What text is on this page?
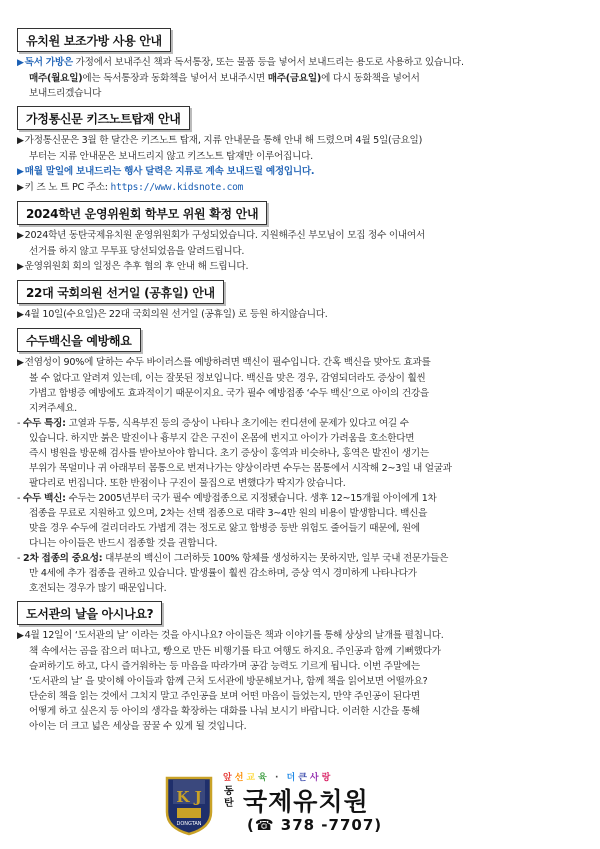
유치원 보조가방 사용 안내

▶독서 가방은 가정에서 보내주신 책과 독서통장, 또는 물품 등을 넣어서 보내드리는 용도로 사용하고 있습니다.

매주(월요일)에는 독서통장과 동화책을 넣어서 보내주시면 매주(금요일)에 다시 동화책을 넣어서

보내드리겠습니다

가정통신문 키즈노트탑재 안내

▶가정통신문은 3월 한 달간은 키즈노트 탑재, 지류 안내문을 통해 안내 해 드렸으며 4월 5일(금요일)

부터는 지류 안내문은 보내드리지 않고 키즈노트 탑재만 이루어집니다.

▶매월 말일에 보내드리는 행사 달력은 지류로 계속 보내드릴 예정입니다.

▶키 즈 노 트 PC 주소: https://www.kidsnote.com

2024학년 운영위원회 학부모 위원 확정 안내

▶2024학년 동탄국제유치원 운영위원회가 구성되었습니다. 지원해주신 부모님이 모집 정수 이내여서

선거를 하지 않고 무투표 당선되었음을 알려드립니다.

▶운영위원회 회의 일정은 추후 협의 후 안내 해 드립니다.

22대 국회의원 선거일 (공휴일) 안내

▶4월 10일(수요일)은 22대 국회의원 선거일 (공휴일) 로 등원 하지않습니다.

수두백신을 예방해요

▶전염성이 90%에 달하는 수두 바이러스를 예방하려면 백신이 필수입니다. 간혹 백신을 맞아도 효과를

볼 수 없다고 알려져 있는데, 이는 잘못된 정보입니다. 백신을 맞은 경우, 감염되더라도 증상이 훨씬

가볍고 합병증 예방에도 효과적이기 때문이지요. 국가 필수 예방접종 ‘수두 백신’으로 아이의 건강을

지켜주세요.

- 수두 특징: 고열과 두통, 식욕부진 등의 증상이 나타나 초기에는 컨디션에 문제가 있다고 여길 수

있습니다. 하지만 붉은 발진이나 흉부지 같은 구진이 온몸에 번지고 아이가 가려움을 호소한다면

즉시 병원을 방문해 검사를 받아보아야 합니다. 초기 증상이 홍역과 비슷하나, 홍역은 발진이 생기는

부위가 목덜미나 귀 아래부터 몸통으로 번져나가는 양상이라면 수두는 몸통에서 시작해 2~3일 내 얼굴과

팔다리로 번집니다. 또한 반점이나 구진이 물집으로 변했다가 딱지가 앉습니다.

- 수두 백신: 수두는 2005년부터 국가 필수 예방접종으로 지정됐습니다. 생후 12~15개월 아이에게 1차

접종을 무료로 지원하고 있으며, 2차는 선택 접종으로 대략 3~4만 원의 비용이 발생합니다. 백신을

맞을 경우 수두에 걸리더라도 가볍게 겪는 정도로 앓고 합병증 등반 위험도 줄어들기 때문에, 원에

다니는 아이들은 반드시 접종할 것을 권합니다.

- 2차 접종의 중요성: 대부분의 백신이 그러하듯 100% 항체를 생성하지는 못하지만, 일부 국내 전문가들은

만 4세에 추가 접종을 권하고 있습니다. 발생률이 훨씬 감소하며, 증상 역시 경미하게 나타나다가

호전되는 경우가 많기 때문입니다.

도서관의 날을 아시나요?

▶4월 12일이 ‘도서관의 날’ 이라는 것을 아시나요? 아이들은 책과 이야기를 통해 상상의 날개를 펼칩니다.

책 속에서는 곰을 잡으러 떠나고, 빵으로 만든 비행기를 타고 여행도 하지요. 주인공과 함께 기뻐했다가

슬퍼하기도 하고, 다시 즐거워하는 등 마음을 따라가며 공감 능력도 기르게 됩니다. 이번 주말에는

‘도서관의 날’ 을 맞이해 아이들과 함께 근처 도서관에 방문해보거나, 함께 책을 읽어보면 어떨까요?

단순히 책을 읽는 것에서 그치지 말고 주인공을 보며 어떤 마음이 들었는지, 만약 주인공이 된다면

어떻게 하고 싶은지 등 아이의 생각을 확장하는 대화를 나눠 보시기 바랍니다. 이러한 시간을 통해

아이는 더 크고 넓은 세상을 꿈꿀 수 있게 될 것입니다.

K J
DONGTAN
앞선교육 · 더큰사랑
동
탄 국제유치원
(☎ 378 -7707)
